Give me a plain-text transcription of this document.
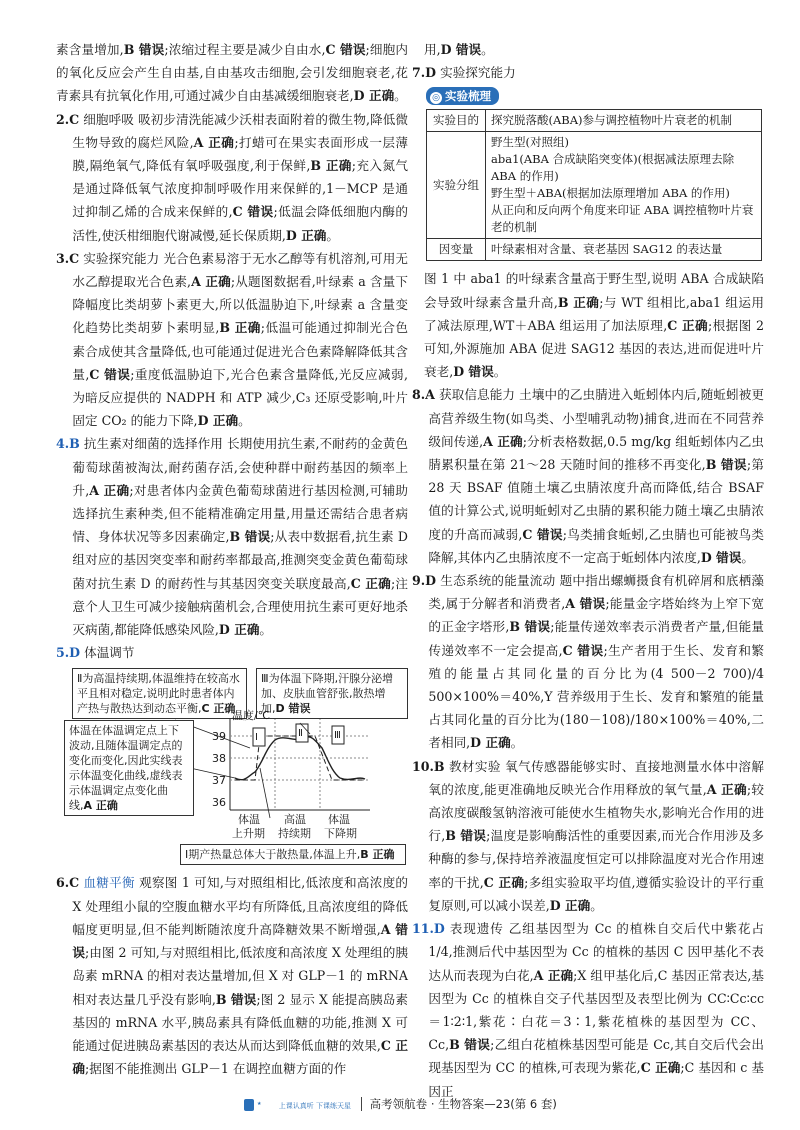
素含量增加,B 错误;浓缩过程主要是减少自由水,C 错误;细胞内的氧化反应会产生自由基,自由基攻击细胞,会引发细胞衰老,花青素具有抗氧化作用,可通过减少自由基减缓细胞衰老,D 正确。

2.C 细胞呼吸 吸初步清洗能减少沃柑表面附着的微生物,降低微生物导致的腐烂风险,A 正确;打蜡可在果实表面形成一层薄膜,隔绝氧气,降低有氧呼吸强度,利于保鲜,B 正确;充入氮气是通过降低氧气浓度抑制呼吸作用来保鲜的,1－MCP 是通过抑制乙烯的合成来保鲜的,C 错误;低温会降低细胞内酶的活性,使沃柑细胞代谢减慢,延长保质期,D 正确。

3.C 实验探究能力 光合色素易溶于无水乙醇等有机溶剂,可用无水乙醇提取光合色素,A 正确;从题图数据看,叶绿素 a 含量下降幅度比类胡萝卜素更大,所以低温胁迫下,叶绿素 a 含量变化趋势比类胡萝卜素明显,B 正确;低温可能通过抑制光合色素合成使其含量降低,也可能通过促进光合色素降解降低其含量,C 错误;重度低温胁迫下,光合色素含量降低,光反应减弱,为暗反应提供的 NADPH 和 ATP 减少,C₃ 还原受影响,叶片固定 CO₂ 的能力下降,D 正确。

4.B 抗生素对细菌的选择作用 长期使用抗生素,不耐药的金黄色葡萄球菌被淘汰,耐药菌存活,会使种群中耐药基因的频率上升,A 正确;对患者体内金黄色葡萄球菌进行基因检测,可辅助选择抗生素种类,但不能精准确定用量,用量还需结合患者病情、身体状况等多因素确定,B 错误;从表中数据看,抗生素 D 组对应的基因突变率和耐药率都最高,推测突变金黄色葡萄球菌对抗生素 D 的耐药性与其基因突变关联度最高,C 正确;注意个人卫生可减少接触病菌机会,合理使用抗生素可更好地杀灭病菌,都能降低感染风险,D 正确。

5.D 体温调节

Ⅱ为高温持续期,体温维持在较高水平且相对稳定,说明此时患者体内产热与散热达到动态平衡,C 正确
Ⅲ为体温下降期,汗腺分泌增加、皮肤血管舒张,散热增加,D 错误
体温在体温调定点上下波动,且随体温调定点的变化而变化,因此实线表示体温变化曲线,虚线表示体温调定点变化曲线,A 正确
温度/℃
39
38
37
36
Ⅰ	Ⅱ	Ⅲ
体温 高温 体温
上升期 持续期 下降期
Ⅰ期产热量总体大于散热量,体温上升,B 正确

6.C 血糖平衡 观察图 1 可知,与对照组相比,低浓度和高浓度的 X 处理组小鼠的空腹血糖水平均有所降低,且高浓度组的降低幅度更明显,但不能判断随浓度升高降糖效果不断增强,A 错误;由图 2 可知,与对照组相比,低浓度和高浓度 X 处理组的胰岛素 mRNA 的相对表达量增加,但 X 对 GLP－1 的 mRNA 相对表达量几乎没有影响,B 错误;图 2 显示 X 能提高胰岛素基因的 mRNA 水平,胰岛素具有降低血糖的功能,推测 X 可能通过促进胰岛素基因的表达从而达到降低血糖的效果,C 正确;据图不能推测出 GLP－1 在调控血糖方面的作

用,D 错误。

7.D 实验探究能力

◎ 实验梳理
实验目的	探究脱落酸(ABA)参与调控植物叶片衰老的机制
实验分组	野生型(对照组)
aba1(ABA 合成缺陷突变体)(根据减法原理去除 ABA 的作用)
野生型＋ABA(根据加法原理增加 ABA 的作用)
从正向和反向两个角度来印证 ABA 调控植物叶片衰老的机制

因变量	叶绿素相对含量、衰老基因 SAG12 的表达量

图 1 中 aba1 的叶绿素含量高于野生型,说明 ABA 合成缺陷会导致叶绿素含量升高,B 正确;与 WT 组相比,aba1 组运用了减法原理,WT＋ABA 组运用了加法原理,C 正确;根据图 2 可知,外源施加 ABA 促进 SAG12 基因的表达,进而促进叶片衰老,D 错误。

8.A 获取信息能力 土壤中的乙虫腈进入蚯蚓体内后,随蚯蚓被更高营养级生物(如鸟类、小型哺乳动物)捕食,进而在不同营养级间传递,A 正确;分析表格数据,0.5 mg/kg 组蚯蚓体内乙虫腈累积量在第 21～28 天随时间的推移不再变化,B 错误;第 28 天 BSAF 值随土壤乙虫腈浓度升高而降低,结合 BSAF 值的计算公式,说明蚯蚓对乙虫腈的累积能力随土壤乙虫腈浓度的升高而减弱,C 错误;鸟类捕食蚯蚓,乙虫腈也可能被鸟类降解,其体内乙虫腈浓度不一定高于蚯蚓体内浓度,D 错误。

9.D 生态系统的能量流动 题中指出螺蛳摄食有机碎屑和底栖藻类,属于分解者和消费者,A 错误;能量金字塔始终为上窄下宽的正金字塔形,B 错误;能量传递效率表示消费者产量,但能量传递效率不一定会提高,C 错误;生产者用于生长、发育和繁殖的能量占其同化量的百分比为(4 500－2 700)/4 500×100%＝40%,Y 营养级用于生长、发育和繁殖的能量占其同化量的百分比为(180－108)/180×100%＝40%,二者相同,D 正确。

10.B 教材实验 氧气传感器能够实时、直接地测量水体中溶解氧的浓度,能更准确地反映光合作用释放的氧气量,A 正确;较高浓度碳酸氢钠溶液可能使水生植物失水,影响光合作用的进行,B 错误;温度是影响酶活性的重要因素,而光合作用涉及多种酶的参与,保持培养液温度恒定可以排除温度对光合作用速率的干扰,C 正确;多组实验取平均值,遵循实验设计的平行重复原则,可以减小误差,D 正确。

11.D 表现遗传 乙组基因型为 Cc 的植株自交后代中紫花占 1/4,推测后代中基因型为 Cc 的植株的基因 C 因甲基化不表达从而表现为白花,A 正确;X 组甲基化后,C 基因正常表达,基因型为 Cc 的植株自交子代基因型及表型比例为 CC∶Cc∶cc＝1∶2∶1,紫花∶白花＝3∶1,紫花植株的基因型为 CC、Cc,B 错误;乙组白花植株基因型可能是 Cc,其自交后代会出现基因型为 CC 的植株,可表现为紫花,C 正确;C 基因和 c 基因正

★ 上课认真听 下课练天星 高考领航卷 · 生物答案—23(第 6 套)
